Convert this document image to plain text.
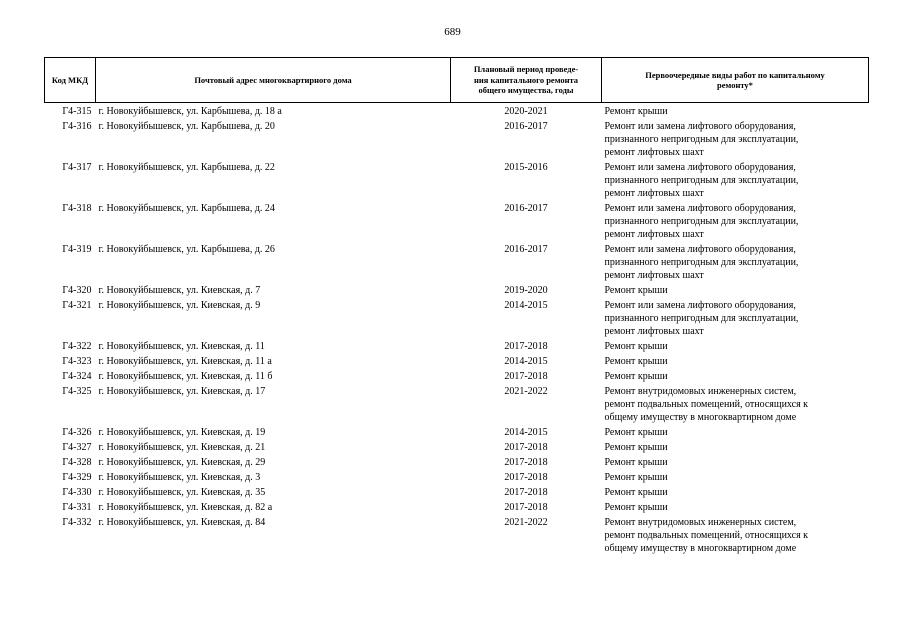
689
Код МКД	Почтовый адрес многоквартирного дома	Плановый период проведе-
ния капитального ремонта
общего имущества, годы	Первоочередные виды работ по капитальному
ремонту*

Г4-315	г. Новокуйбышевск, ул. Карбышева, д. 18 а	2020-2021	Ремонт крыши

Г4-316	г. Новокуйбышевск, ул. Карбышева, д. 20	2016-2017	Ремонт или замена лифтового оборудования,
признанного непригодным для эксплуатации,
ремонт лифтовых шахт

Г4-317	г. Новокуйбышевск, ул. Карбышева, д. 22	2015-2016	Ремонт или замена лифтового оборудования,
признанного непригодным для эксплуатации,
ремонт лифтовых шахт

Г4-318	г. Новокуйбышевск, ул. Карбышева, д. 24	2016-2017	Ремонт или замена лифтового оборудования,
признанного непригодным для эксплуатации,
ремонт лифтовых шахт

Г4-319	г. Новокуйбышевск, ул. Карбышева, д. 26	2016-2017	Ремонт или замена лифтового оборудования,
признанного непригодным для эксплуатации,
ремонт лифтовых шахт

Г4-320	г. Новокуйбышевск, ул. Киевская, д. 7	2019-2020	Ремонт крыши

Г4-321	г. Новокуйбышевск, ул. Киевская, д. 9	2014-2015	Ремонт или замена лифтового оборудования,
признанного непригодным для эксплуатации,
ремонт лифтовых шахт

Г4-322	г. Новокуйбышевск, ул. Киевская, д. 11	2017-2018	Ремонт крыши

Г4-323	г. Новокуйбышевск, ул. Киевская, д. 11 а	2014-2015	Ремонт крыши

Г4-324	г. Новокуйбышевск, ул. Киевская, д. 11 б	2017-2018	Ремонт крыши

Г4-325	г. Новокуйбышевск, ул. Киевская, д. 17	2021-2022	Ремонт внутридомовых инженерных систем,
ремонт подвальных помещений, относящихся к
общему имуществу в многоквартирном доме

Г4-326	г. Новокуйбышевск, ул. Киевская, д. 19	2014-2015	Ремонт крыши

Г4-327	г. Новокуйбышевск, ул. Киевская, д. 21	2017-2018	Ремонт крыши

Г4-328	г. Новокуйбышевск, ул. Киевская, д. 29	2017-2018	Ремонт крыши

Г4-329	г. Новокуйбышевск, ул. Киевская, д. 3	2017-2018	Ремонт крыши

Г4-330	г. Новокуйбышевск, ул. Киевская, д. 35	2017-2018	Ремонт крыши

Г4-331	г. Новокуйбышевск, ул. Киевская, д. 82 а	2017-2018	Ремонт крыши

Г4-332	г. Новокуйбышевск, ул. Киевская, д. 84	2021-2022	Ремонт внутридомовых инженерных систем,
ремонт подвальных помещений, относящихся к
общему имуществу в многоквартирном доме
